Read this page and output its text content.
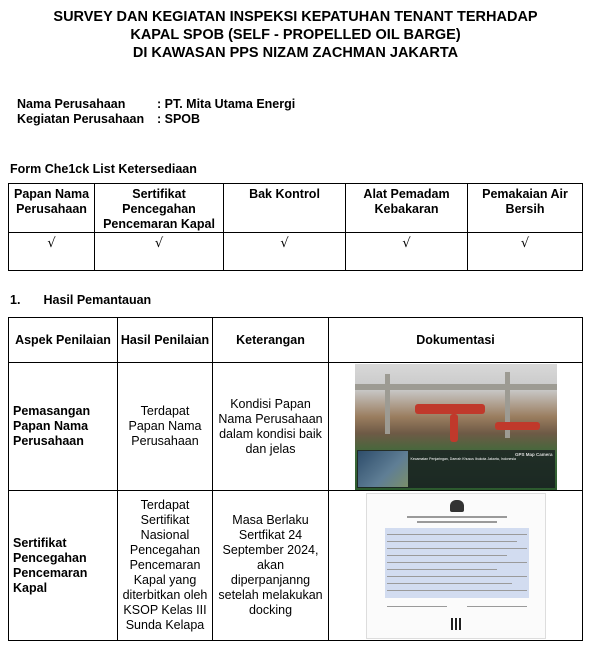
SURVEY DAN KEGIATAN INSPEKSI KEPATUHAN TENANT TERHADAP
KAPAL SPOB (SELF - PROPELLED OIL BARGE)
DI KAWASAN PPS NIZAM ZACHMAN JAKARTA
Nama Perusahaan	: PT. Mita Utama Energi
Kegiatan Perusahaan	: SPOB
Form Che1ck List Ketersediaan
Papan Nama Perusahaan	Sertifikat Pencegahan Pencemaran Kapal	Bak Kontrol	Alat Pemadam Kebakaran	Pemakaian Air Bersih
√	√	√	√	√
1. Hasil Pemantauan
Aspek Penilaian	Hasil Penilaian	Keterangan	Dokumentasi
Pemasangan Papan Nama Perusahaan	Terdapat Papan Nama Perusahaan	Kondisi Papan Nama Perusahaan dalam kondisi baik dan jelas	GPS Map Camera
Kecamatan Penjaringan, Daerah Khusus Ibukota Jakarta, Indonesia

Sertifikat Pencegahan Pencemaran Kapal	Terdapat Sertifikat Nasional Pencegahan Pencemaran Kapal yang diterbitkan oleh KSOP Kelas III Sunda Kelapa	Masa Berlaku Sertfikat 24 September 2024, akan diperpanjanng setelah melakukan docking	
